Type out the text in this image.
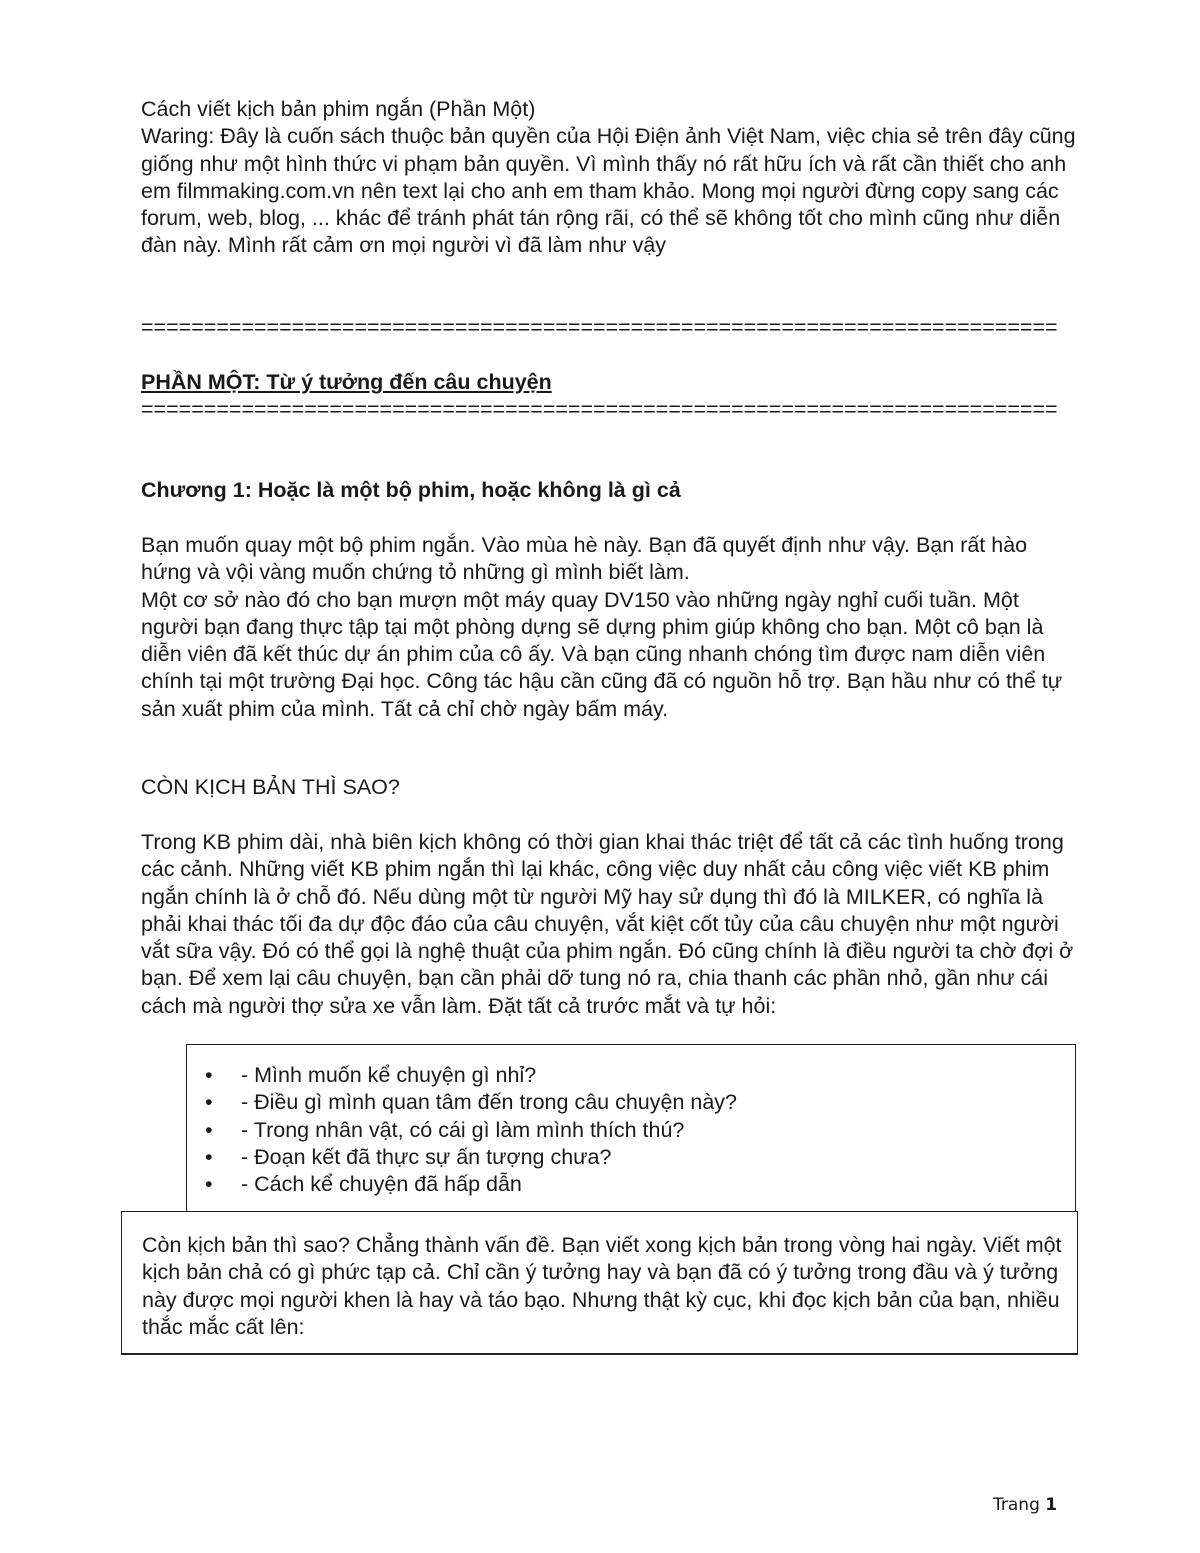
Cách viết kịch bản phim ngắn (Phần Một)

Waring: Đây là cuốn sách thuộc bản quyền của Hội Điện ảnh Việt Nam, việc chia sẻ trên đây cũng giống như một hình thức vi phạm bản quyền. Vì mình thấy nó rất hữu ích và rất cần thiết cho anh em filmmaking.com.vn nên text lại cho anh em tham khảo. Mong mọi người đừng copy sang các forum, web, blog, ... khác để tránh phát tán rộng rãi, có thể sẽ không tốt cho mình cũng như diễn đàn này. Mình rất cảm ơn mọi người vì đã làm như vậy

=========================================================================

PHẦN MỘT: Từ ý tưởng đến câu chuyện

=========================================================================

Chương 1: Hoặc là một bộ phim, hoặc không là gì cả

Bạn muốn quay một bộ phim ngắn. Vào mùa hè này. Bạn đã quyết định như vậy. Bạn rất hào hứng và vội vàng muốn chứng tỏ những gì mình biết làm.

Một cơ sở nào đó cho bạn mượn một máy quay DV150 vào những ngày nghỉ cuối tuần. Một người bạn đang thực tập tại một phòng dựng sẽ dựng phim giúp không cho bạn. Một cô bạn là diễn viên đã kết thúc dự án phim của cô ấy. Và bạn cũng nhanh chóng tìm được nam diễn viên chính tại một trường Đại học. Công tác hậu cần cũng đã có nguồn hỗ trợ. Bạn hầu như có thể tự sản xuất phim của mình. Tất cả chỉ chờ ngày bấm máy.

CÒN KỊCH BẢN THÌ SAO?

Trong KB phim dài, nhà biên kịch không có thời gian khai thác triệt để tất cả các tình huống trong các cảnh. Những viết KB phim ngắn thì lại khác, công việc duy nhất cảu công việc viết KB phim ngắn chính là ở chỗ đó. Nếu dùng một từ người Mỹ hay sử dụng thì đó là MILKER, có nghĩa là phải khai thác tối đa dự độc đáo của câu chuyện, vắt kiệt cốt tủy của câu chuyện như một người vắt sữa vậy. Đó có thể gọi là nghệ thuật của phim ngắn. Đó cũng chính là điều người ta chờ đợi ở bạn. Để xem lại câu chuyện, bạn cần phải dỡ tung nó ra, chia thanh các phần nhỏ, gần như cái cách mà người thợ sửa xe vẫn làm. Đặt tất cả trước mắt và tự hỏi:

• - Mình muốn kể chuyện gì nhỉ?
• - Điều gì mình quan tâm đến trong câu chuyện này?
• - Trong nhân vật, có cái gì làm mình thích thú?
• - Đoạn kết đã thực sự ấn tượng chưa?
• - Cách kể chuyện đã hấp dẫn

Còn kịch bản thì sao? Chẳng thành vấn đề. Bạn viết xong kịch bản trong vòng hai ngày. Viết một kịch bản chả có gì phức tạp cả. Chỉ cần ý tưởng hay và bạn đã có ý tưởng trong đầu và ý tưởng này được mọi người khen là hay và táo bạo. Nhưng thật kỳ cục, khi đọc kịch bản của bạn, nhiều thắc mắc cất lên:

Trang 1
